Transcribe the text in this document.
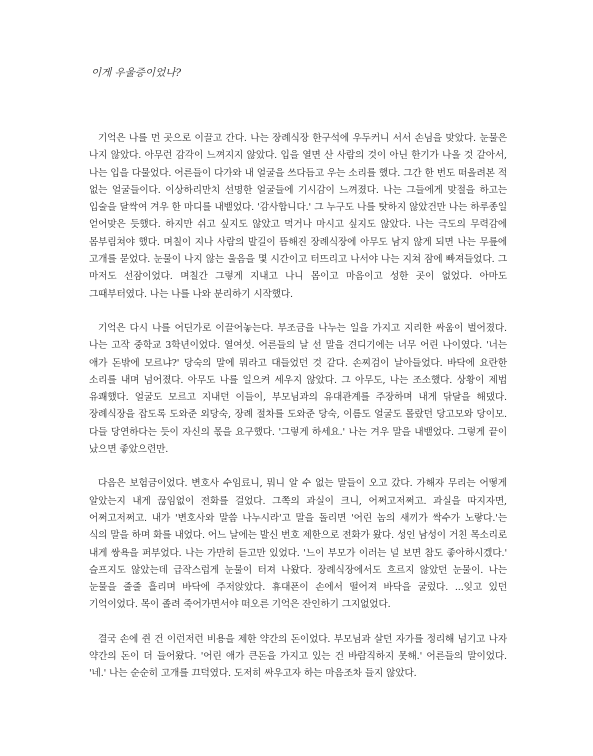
이게 우울증이었나?

기억은 나를 먼 곳으로 이끌고 간다. 나는 장례식장 한구석에 우두커니 서서 손님을 맞았다. 눈물은 나지 않았다. 아무런 감각이 느껴지지 않았다. 입을 열면 산 사람의 것이 아닌 한기가 나올 것 같아서, 나는 입을 다물었다. 어른들이 다가와 내 얼굴을 쓰다듬고 우는 소리를 했다. 그간 한 번도 떠올려본 적 없는 얼굴들이다. 이상하리만치 선명한 얼굴들에 기시감이 느껴졌다. 나는 그들에게 맞절을 하고는 입술을 달싹여 겨우 한 마디를 내뱉었다. '감사합니다.' 그 누구도 나를 탓하지 않았건만 나는 하루종일 얻어맞은 듯했다. 하지만 쉬고 싶지도 않았고 먹거나 마시고 싶지도 않았다. 나는 극도의 무력감에 몸부림쳐야 했다. 며칠이 지나 사람의 발길이 뜸해진 장례식장에 아무도 남지 않게 되면 나는 무릎에 고개를 묻었다. 눈물이 나지 않는 울음을 몇 시간이고 터뜨리고 나서야 나는 지쳐 잠에 빠져들었다. 그 마저도 선잠이었다. 며칠간 그렇게 지내고 나니 몸이고 마음이고 성한 곳이 없었다. 아마도 그때부터였다. 나는 나를 나와 분리하기 시작했다.

기억은 다시 나를 어딘가로 이끌어놓는다. 부조금을 나누는 일을 가지고 지리한 싸움이 벌어졌다. 나는 고작 중학교 3학년이었다. 열여섯. 어른들의 날 선 말을 견디기에는 너무 어린 나이였다. '너는 애가 돈밖에 모르냐?' 당숙의 말에 뭐라고 대들었던 것 같다. 손찌검이 날아들었다. 바닥에 요란한 소리를 내며 넘어졌다. 아무도 나를 일으켜 세우지 않았다. 그 아무도, 나는 조소했다. 상황이 제법 유쾌했다. 얼굴도 모르고 지내던 이들이, 부모님과의 유대관계를 주장하며 내게 닦달을 해댔다. 장례식장을 잡도록 도와준 외당숙, 장례 절차를 도와준 당숙, 이름도 얼굴도 몰랐던 당고모와 당이모. 다들 당연하다는 듯이 자신의 몫을 요구했다. '그렇게 하세요.' 나는 겨우 말을 내뱉었다. 그렇게 끝이 났으면 좋았으련만.

다음은 보험금이었다. 변호사 수임료니, 뭐니 알 수 없는 말들이 오고 갔다. 가해자 무리는 어떻게 알았는지 내게 끊임없이 전화를 걸었다. 그쪽의 과실이 크니, 어쩌고저쩌고. 과실을 따지자면, 어쩌고저쩌고. 내가 '변호사와 말씀 나누시라'고 말을 돌리면 '어린 놈의 새끼가 싹수가 노랗다.'는 식의 말을 하며 화를 내었다. 어느 날에는 발신 번호 제한으로 전화가 왔다. 성인 남성이 거친 목소리로 내게 쌍욕을 퍼부었다. 나는 가만히 듣고만 있었다. '느이 부모가 이러는 널 보면 참도 좋아하시겠다.' 슬프지도 않았는데 급작스럽게 눈물이 터져 나왔다. 장례식장에서도 흐르지 않았던 눈물이. 나는 눈물을 줄줄 흘리며 바닥에 주저앉았다. 휴대폰이 손에서 떨어져 바닥을 굴렀다. ...잊고 있던 기억이었다. 목이 졸려 죽어가면서야 떠오른 기억은 잔인하기 그지없었다.

결국 손에 쥔 건 이런저런 비용을 제한 약간의 돈이었다. 부모님과 살던 자가를 정리해 넘기고 나자 약간의 돈이 더 들어왔다. '어린 애가 큰돈을 가지고 있는 건 바람직하지 못해.' 어른들의 말이었다. '네.' 나는 순순히 고개를 끄덕였다. 도저히 싸우고자 하는 마음조차 들지 않았다.
